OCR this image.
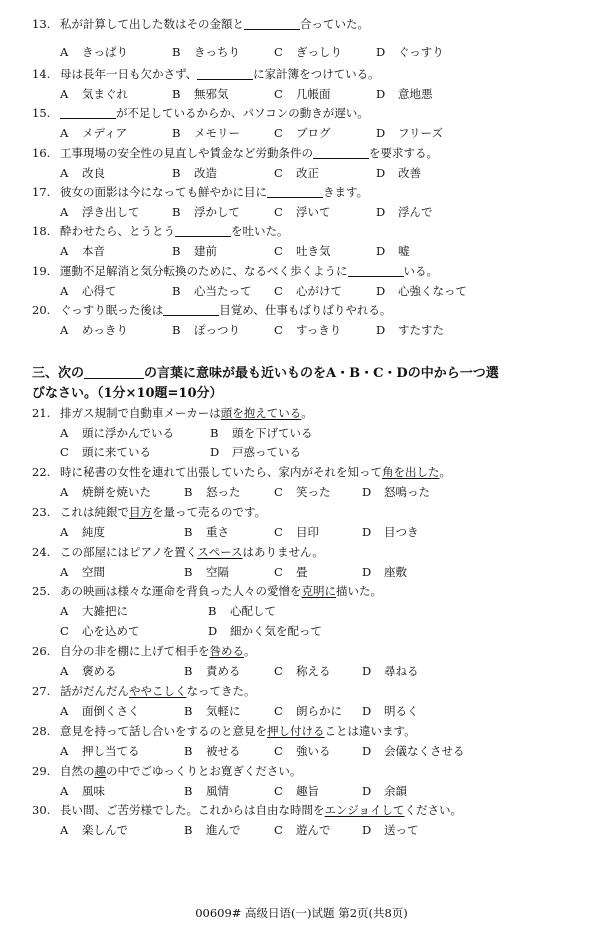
13. 私が計算して出した数はその金額と	合っていた。
A きっぱり	B きっちり	C ぎっしり	D ぐっすり
14. 母は長年一日も欠かさず、	に家計簿をつけている。
A 気まぐれ	B 無邪気	C 几帳面	D 意地悪
15.	が不足しているからか、パソコンの動きが遅い。
A メディア	B メモリー	C ブログ	D フリーズ
16. 工事現場の安全性の見直しや賃金など労動条件の	を要求する。
A 改良	B 改造	C 改正	D 改善
17. 彼女の面影は今になっても鮮やかに目に	きます。
A 浮き出して	B 浮かして	C 浮いて	D 浮んで
18. 酔わせたら、とうとう	を吐いた。
A 本音	B 建前	C 吐き気	D 嘘
19. 運動不足解消と気分転換のために、なるべく歩くように	いる。
A 心得て	B 心当たって C 心がけて	D 心強くなって
20. ぐっすり眠った後は	目覚め、仕事もばりばりやれる。
A めっきり	B ぽっつり	C すっきり	D すたすた
三、次の	の言葉に意味が最も近いものをA・B・C・Dの中から一つ選
びなさい。（1分×10題=10分）
21. 排ガス規制で自動車メーカーは頭を抱えている。
A 頭に浮かんでいる	B 頭を下げている
C 頭に来ている	D 戸惑っている
22. 時に秘書の女性を連れて出張していたら、家内がそれを知って角を出した。
A 焼餅を焼いた	B 怒った	C 笑った	D 怒鳴った
23. これは純銀で目方を量って売るのです。
A 純度	B 重さ	C 目印	D 目つき
24. この部屋にはピアノを置くスペースはありません。
A 空間	B 空隔	C 畳	D 座敷
25. あの映画は様々な運命を背負った人々の愛憎を克明に描いた。
A 大雑把に	B 心配して
C 心を込めて	D 細かく気を配って
26. 自分の非を棚に上げて相手を咎める。
A 褒める	B 責める	C 称える	D 尋ねる
27. 話がだんだんややこしくなってきた。
A 面倒くさく	B 気軽に	C 朗らかに D 明るく
28. 意見を持って話し合いをするのと意見を押し付けることは違います。
A 押し当てる	B 被せる	C 強いる	D 会儀なくさせる
29. 自然の趣の中でごゆっくりとお寛ぎください。
A 風味	B 風情	C 趣旨	D 余韻
30. 長い間、ご苦労様でした。これからは自由な時間をエンジョイしてください。
A 楽しんで	B 進んで	C 遊んで	D 送って
00609# 高级日语(一)试题 第2页(共8页)
